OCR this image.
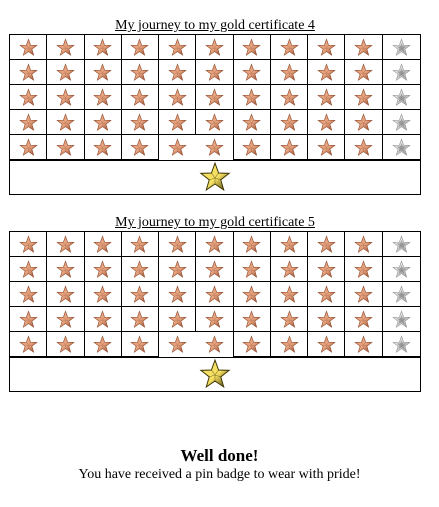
My journey to my gold certificate 4
My journey to my gold certificate 5
Well done!
You have received a pin badge to wear with pride!
